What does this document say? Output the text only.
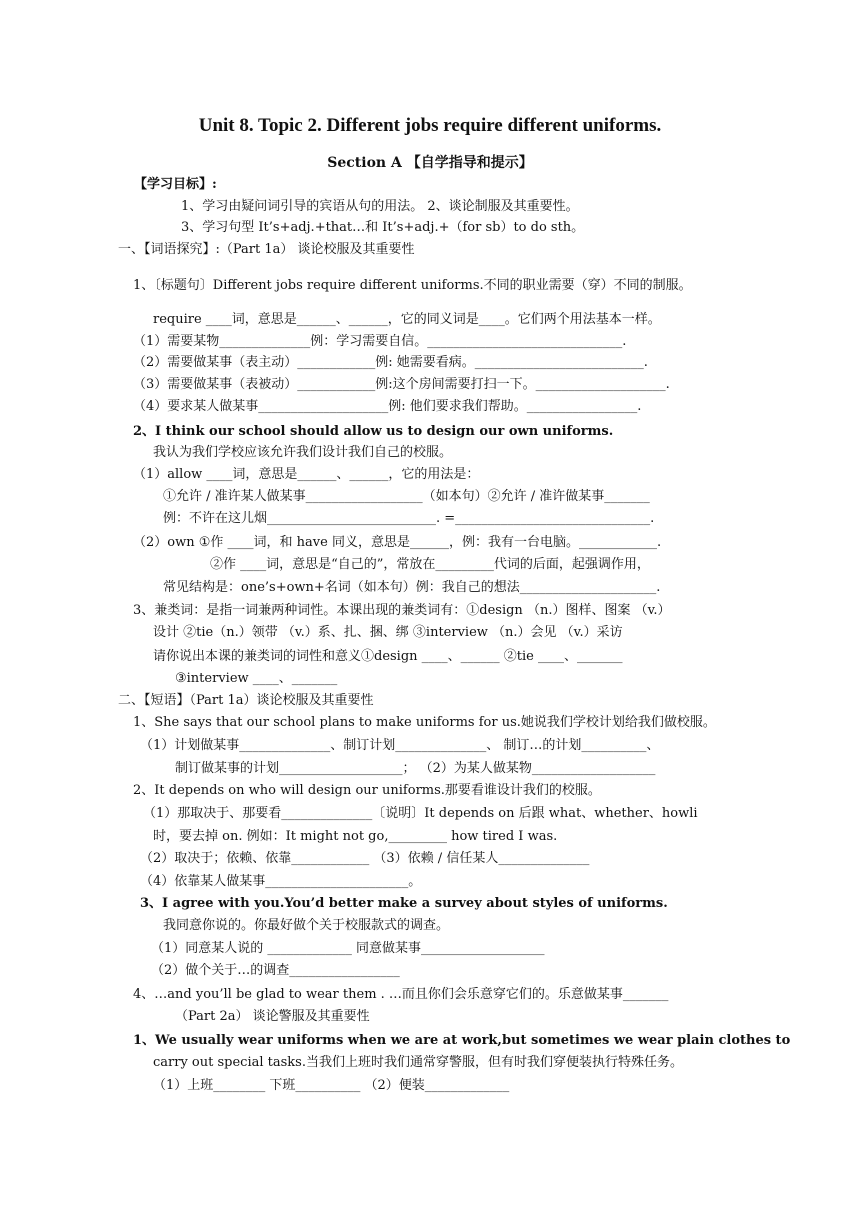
Unit 8. Topic 2. Different jobs require different uniforms.
Section A 【自学指导和提示】
【学习目标】:
1、学习由疑问词引导的宾语从句的用法。 2、谈论制服及其重要性。
3、学习句型 It’s+adj.+that…和 It’s+adj.+（for sb）to do sth。
一、【词语探究】:（Part 1a） 谈论校服及其重要性
1、〔标题句〕Different jobs require different uniforms.不同的职业需要（穿）不同的制服。
require ____词，意思是______、______，它的同义词是____。它们两个用法基本一样。
（1）需要某物______________例：学习需要自信。______________________________.
（2）需要做某事（表主动）____________例: 她需要看病。__________________________.
（3）需要做某事（表被动）____________例:这个房间需要打扫一下。____________________.
（4）要求某人做某事____________________例: 他们要求我们帮助。_________________.
2、I think our school should allow us to design our own uniforms.
我认为我们学校应该允许我们设计我们自己的校服。
（1）allow ____词，意思是______、______，它的用法是：
①允许 / 准许某人做某事__________________（如本句）②允许 / 准许做某事_______
例：不许在这儿烟__________________________. =______________________________.
（2）own ①作 ____词，和 have 同义，意思是______，例：我有一台电脑。____________.
②作 ____词，意思是“自己的”，常放在_________代词的后面，起强调作用，
常见结构是：one’s+own+名词（如本句）例：我自己的想法_____________________.
3、兼类词：是指一词兼两种词性。本课出现的兼类词有：①design （n.）图样、图案 （v.）
设计 ②tie（n.）领带 （v.）系、扎、捆、绑 ③interview （n.）会见 （v.）采访
请你说出本课的兼类词的词性和意义①design ____、______ ②tie ____、_______
③interview ____、_______
二、【短语】（Part 1a）谈论校服及其重要性
1、She says that our school plans to make uniforms for us.她说我们学校计划给我们做校服。
（1）计划做某事______________、制订计划______________、 制订…的计划__________、
制订做某事的计划___________________； （2）为某人做某物___________________
2、It depends on who will design our uniforms.那要看谁设计我们的校服。
（1）那取决于、那要看______________〔说明〕It depends on 后跟 what、whether、howli
时，要去掉 on. 例如：It might not go,_________ how tired I was.
（2）取决于；依赖、依靠____________ （3）依赖 / 信任某人______________
（4）依靠某人做某事______________________。
3、I agree with you.You’d better make a survey about styles of uniforms.
我同意你说的。你最好做个关于校服款式的调查。
（1）同意某人说的 _____________ 同意做某事___________________
（2）做个关于…的调查_________________
4、…and you’ll be glad to wear them . …而且你们会乐意穿它们的。乐意做某事_______
（Part 2a） 谈论警服及其重要性
1、We usually wear uniforms when we are at work,but sometimes we wear plain clothes to
carry out special tasks.当我们上班时我们通常穿警服，但有时我们穿便装执行特殊任务。
（1）上班________ 下班__________ （2）便装_____________
